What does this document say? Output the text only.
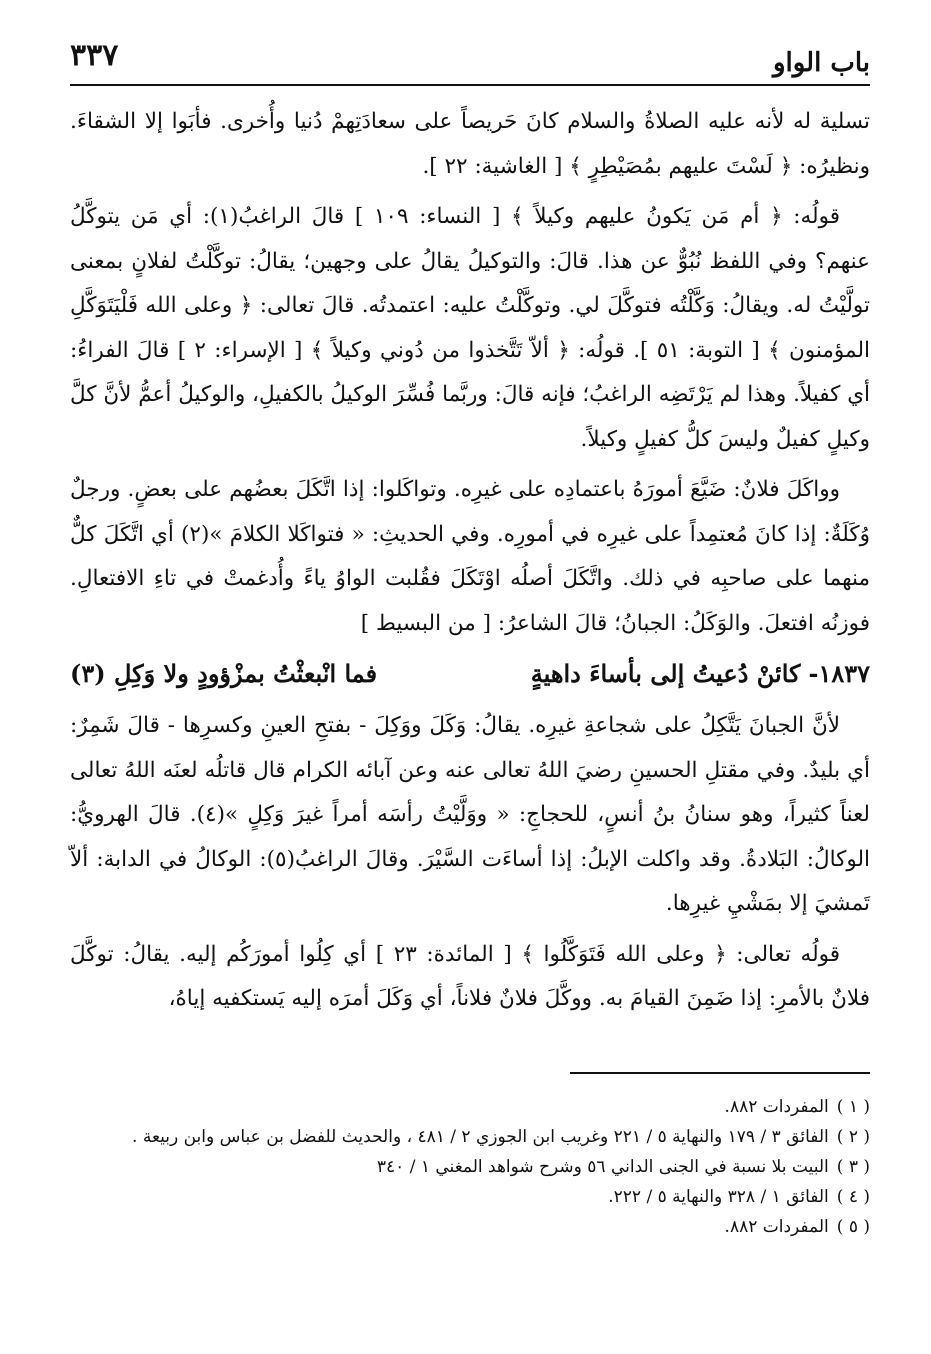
باب الواو
٣٣٧

تسلية له لأنه عليه الصلاةُ والسلام كانَ حَريصاً على سعادَتِهمْ دُنيا وأُخرى. فأبَوا إلا الشقاءَ. ونظيرُه: ﴿ لَسْتَ عليهم بمُصَيْطِرٍ ﴾ [ الغاشية: ٢٢ ].

قولُه: ﴿ أم مَن يَكونُ عليهم وكيلاً ﴾ [ النساء: ١٠٩ ] قالَ الراغبُ(١): أي مَن يتوكَّلُ عنهم؟ وفي اللفظ نُبُوٌّ عن هذا. قالَ: والتوكيلُ يقالُ على وجهين؛ يقالُ: توكَّلْتُ لفلانٍ بمعنى تولَّيْتُ له. ويقالُ: وَكَّلْتُه فتوكَّلَ لي. وتوكَّلْتُ عليه: اعتمدتُه. قالَ تعالى: ﴿ وعلى الله فَلْيَتَوَكَّلِ المؤمنون ﴾ [ التوبة: ٥١ ]. قولُه: ﴿ ألاّ تَتَّخذوا من دُوني وكيلاً ﴾ [ الإسراء: ٢ ] قالَ الفراءُ: أي كفيلاً. وهذا لم يَرْتَضِه الراغبُ؛ فإنه قالَ: وربَّما فُسِّرَ الوكيلُ بالكفيلِ، والوكيلُ أعمُّ لأنَّ كلَّ وكيلٍ كفيلٌ وليسَ كلُّ كفيلٍ وكيلاً.

وواكَلَ فلانٌ: ضَيَّعَ أمورَهُ باعتمادِه على غيرِه. وتواكَلوا: إذا اتَّكَلَ بعضُهم على بعضٍ. ورجلٌ وُكَلَةٌ: إذا كانَ مُعتمِداً على غيرِه في أمورِه. وفي الحديثِ: « فتواكَلا الكلامَ »(٢) أي اتَّكَلَ كلٌّ منهما على صاحبِه في ذلك. واتَّكَلَ أصلُه اوْتَكَلَ فقُلبت الواوُ ياءً وأُدغمتْ في تاءِ الافتعالِ. فوزنُه افتعلَ. والوَكَلُ: الجبانُ؛ قالَ الشاعرُ: [ من البسيط ]

١٨٣٧-كائنْ دُعيتُ إلى بأساءَ داهيةٍ
فما انْبعثْتُ بمزْؤودٍ ولا وَكِلِ (٣)

لأنَّ الجبانَ يَتَّكِلُ على شجاعةِ غيرِه. يقالُ: وَكَلَ ووَكِلَ - بفتحِ العينِ وكسرِها - قالَ شَمِرٌ: أي بليدٌ. وفي مقتلِ الحسينِ رضيَ اللهُ تعالى عنه وعن آبائه الكرام قال قاتلُه لعنَه اللهُ تعالى لعناً كثيراً، وهو سنانُ بنُ أنسٍ، للحجاجِ: « ووَلَّيْتُ رأسَه أمراً غيرَ وَكِلٍ »(٤). قالَ الهرويُّ: الوكالُ: البَلادةُ. وقد واكلت الإبلُ: إذا أساءَت السَّيْرَ. وقالَ الراغبُ(٥): الوكالُ في الدابة: ألاّ تَمشيَ إلا بمَشْيِ غيرِها.

قولُه تعالى: ﴿ وعلى الله فَتَوَكَّلُوا ﴾ [ المائدة: ٢٣ ] أي كِلُوا أمورَكُم إليه. يقالُ: توكَّلَ فلانٌ بالأمرِ: إذا ضَمِنَ القيامَ به. ووكَّلَ فلانٌ فلاناً، أي وَكَلَ أمرَه إليه يَستكفيه إياهُ،

( ١ )المفردات ٨٨٢.
( ٢ )الفائق ٣ / ١٧٩ والنهاية ٥ / ٢٢١ وغريب ابن الجوزي ٢ / ٤٨١ ، والحديث للفضل بن عباس وابن ربيعة .
( ٣ )البيت بلا نسبة في الجنى الداني ٥٦ وشرح شواهد المغني ١ / ٣٤٠
( ٤ )الفائق ١ / ٣٢٨ والنهاية ٥ / ٢٢٢.
( ٥ )المفردات ٨٨٢.
